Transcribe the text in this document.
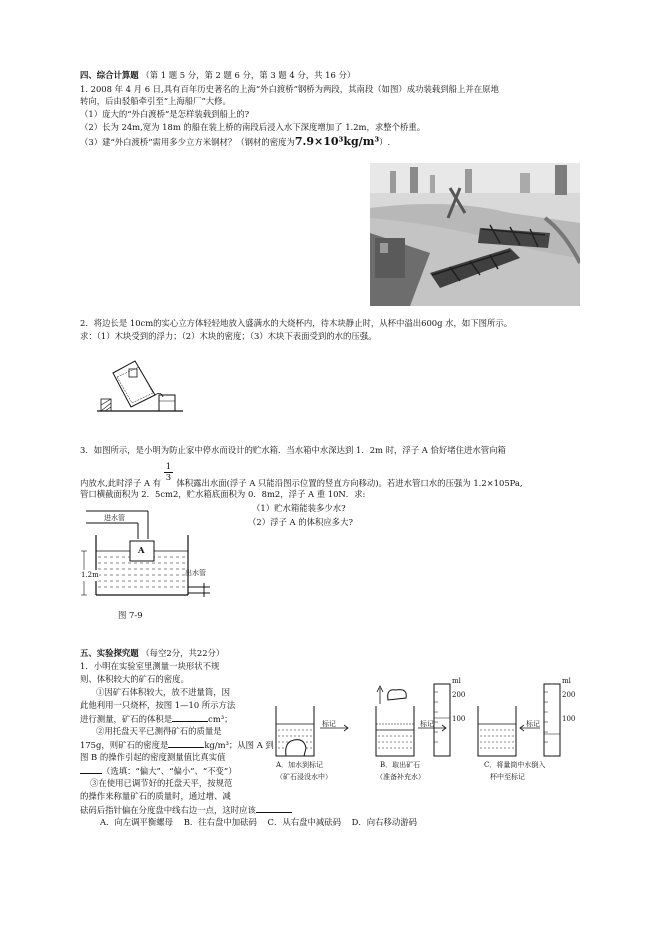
四、综合计算题 （第 1 题 5 分，第 2 题 6 分，第 3 题 4 分，共 16 分）
1. 2008 年 4 月 6 日,具有百年历史著名的上海“外白渡桥”钢桥为两段，其南段（如图）成功装载到船上并在原地
转向，后由驳船牵引至“上海船厂”大修。
（1）庞大的“外白渡桥”是怎样装载到船上的?
（2）长为 24m,宽为 18m 的船在装上桥的南段后浸入水下深度增加了 1.2m，求整个桥重。
（3）建“外白渡桥”需用多少立方米钢材？（钢材的密度为7.9×10³kg/m³）.
2．将边长是 10cm的实心立方体轻轻地放入盛满水的大烧杯内，待木块静止时，从杯中溢出600g 水，如下图所示。
求：（1）木块受到的浮力；（2）木块的密度；（3）木块下表面受到的水的压强。
3．如图所示，是小明为防止家中停水而设计的贮水箱．当水箱中水深达到 1．2m 时，浮子 A 恰好堵住进水管向箱
内放水,此时浮子 A 有 $\frac{1}{3}$ 体积露出水面(浮子 A 只能沿图示位置的竖直方向移动)。若进水管口水的压强为 1.2×105Pa,
管口横截面积为 2．5cm2，贮水箱底面积为 0．8m2，浮子 A 重 10N．求:
（1）贮水箱能装多少水?
（2）浮子 A 的体积应多大?
进水管
A
1.2m	出水管
图 7-9
五、实验探究题 （每空2分，共22分）
1．小明在实验室里测量一块形状不规
则、体积较大的矿石的密度。
①因矿石体积较大，放不进量筒，因
此他利用一只烧杯，按图 1—10 所示方法
进行测量，矿石的体积是	cm³；
②用托盘天平已测得矿石的质量是
175g，则矿石的密度是	kg/m³；从图 A 到
图 B 的操作引起的密度测量值比真实值
（选填：“偏大”、“偏小”、“不变”）
③在使用已调节好的托盘天平，按规范
的操作来称量矿石的质量时，通过增、减
砝码后指针偏在分度盘中线右边一点，这时应该
A．向左调平衡螺母 B．往右盘中加砝码 C．从右盘中减砝码 D．向右移动游码
标记	标记	标记
ml
200
100
ml
200
100
A．加水到标记
（矿石浸没水中）
B．取出矿石
（准备补充水）
C．将量筒中水倒入
杯中至标记
